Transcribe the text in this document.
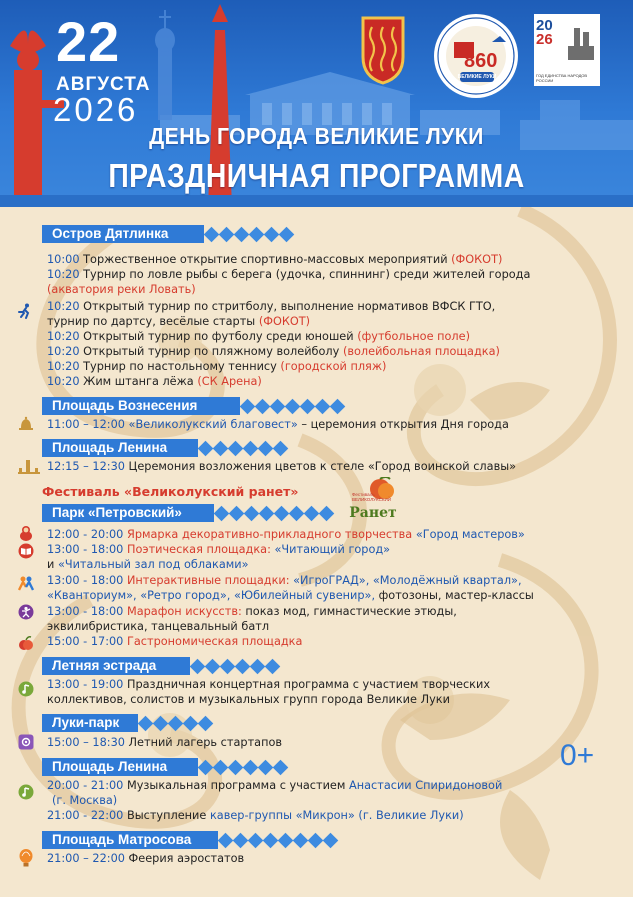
22
АВГУСТА
2026
860
ВЕЛИКИЕ ЛУКИ
20
26
ГОД ЕДИНСТВА НАРОДОВ РОССИИ
ДЕНЬ ГОРОДА ВЕЛИКИЕ ЛУКИ
ПРАЗДНИЧНАЯ ПРОГРАММА
Остров Дятлинка
10:00 Торжественное открытие спортивно-массовых мероприятий (ФОКОТ)
10:20 Турнир по ловле рыбы с берега (удочка, спиннинг) среди жителей города
(акватория реки Ловать)
10:20 Открытый турнир по стритболу, выполнение нормативов ВФСК ГТО,
турнир по дартсу, весёлые старты (ФОКОТ)
10:20 Открытый турнир по футболу среди юношей (футбольное поле)
10:20 Открытый турнир по пляжному волейболу (волейбольная площадка)
10:20 Турнир по настольному теннису (городской пляж)
10:20 Жим штанга лёжа (СК Арена)
Площадь Вознесения
11:00 – 12:00 «Великолукский благовест» – церемония открытия Дня города
Площадь Ленина
12:15 – 12:30 Церемония возложения цветов к стеле «Город воинской славы»
Фестиваль «Великолукский ранет»	Фестиваль ВЕЛИКОЛУКСКИЙ
Ранет
Парк «Петровский»
12:00 - 20:00 Ярмарка декоративно-прикладного творчества «Город мастеров»
13:00 - 18:00 Поэтическая площадка: «Читающий город»
и «Читальный зал под облаками»
13:00 - 18:00 Интерактивные площадки: «ИгроГРАД», «Молодёжный квартал»,
«Кванториум», «Ретро город», «Юбилейный сувенир», фотозоны, мастер-классы
13:00 - 18:00 Марафон искусств: показ мод, гимнастические этюды,
эквилибристика, танцевальный батл
15:00 - 17:00 Гастрономическая площадка
Летняя эстрада
13:00 - 19:00 Праздничная концертная программа с участием творческих
коллективов, солистов и музыкальных групп города Великие Луки
Луки-парк
15:00 – 18:30 Летний лагерь стартапов	0+
Площадь Ленина
20:00 - 21:00 Музыкальная программа с участием Анастасии Спиридоновой
(г. Москва)
21:00 - 22:00 Выступление кавер-группы «Микрон» (г. Великие Луки)
Площадь Матросова
21:00 – 22:00 Феерия аэростатов
